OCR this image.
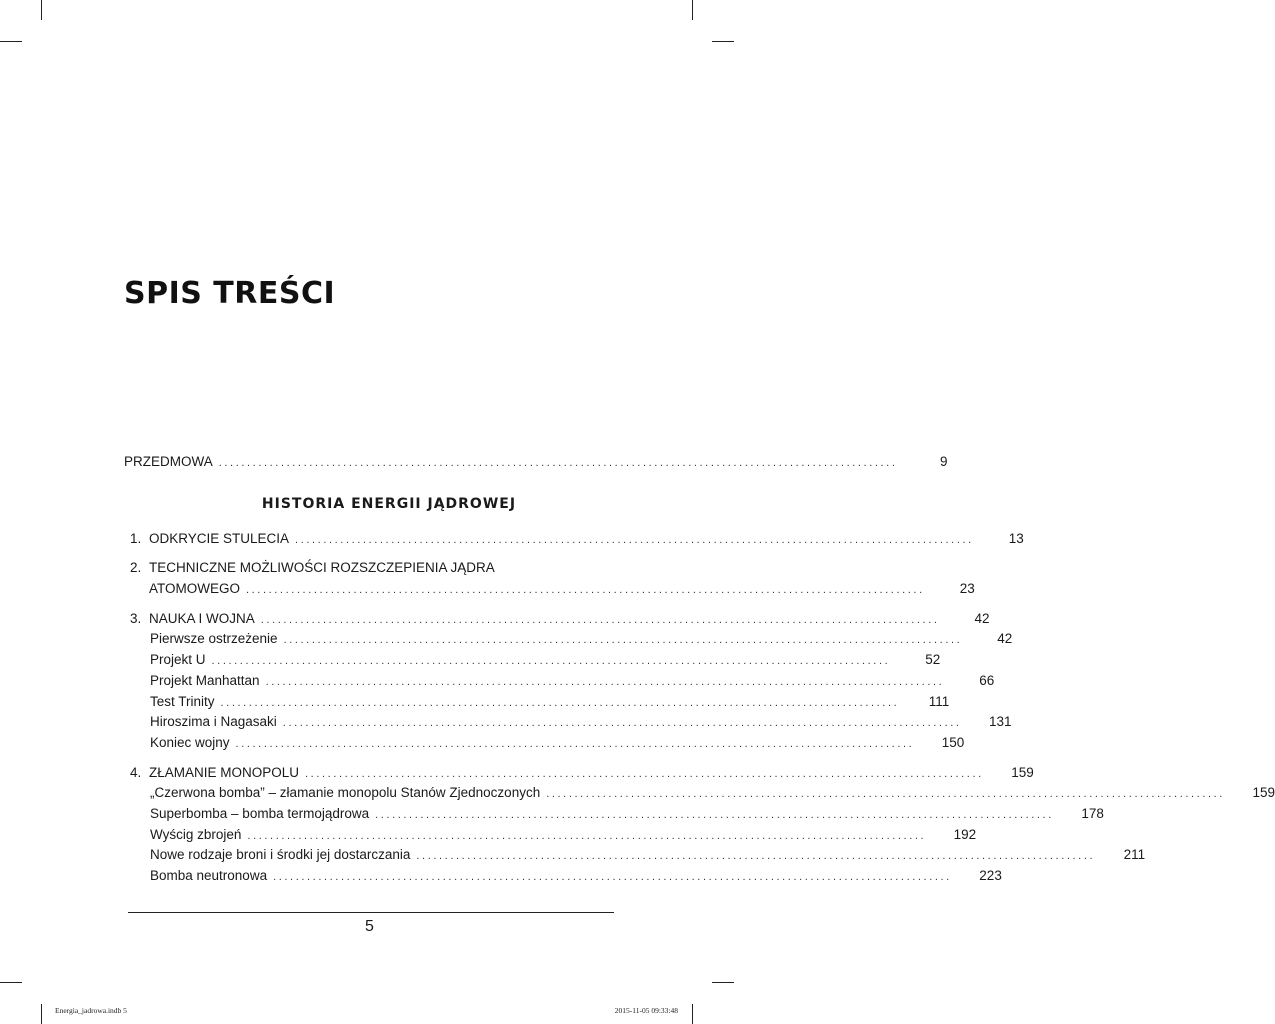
SPIS TREŚCI
PRZEDMOWA ........................................................................................................................	9
HISTORIA ENERGII JĄDROWEJ
1. ODKRYCIE STULECIA ........................................................................................................................	13
2. TECHNICZNE MOŻLIWOŚCI ROZSZCZEPIENIA JĄDRA
ATOMOWEGO ........................................................................................................................	23
3. NAUKA I WOJNA ........................................................................................................................	42
Pierwsze ostrzeżenie ........................................................................................................................	42
Projekt U ........................................................................................................................	52
Projekt Manhattan ........................................................................................................................	66
Test Trinity ........................................................................................................................	111
Hiroszima i Nagasaki ........................................................................................................................	131
Koniec wojny ........................................................................................................................	150
4. ZŁAMANIE MONOPOLU ........................................................................................................................	159
„Czerwona bomba” – złamanie monopolu Stanów Zjednoczonych ........................................................................................................................	159
Superbomba – bomba termojądrowa ........................................................................................................................	178
Wyścig zbrojeń ........................................................................................................................	192
Nowe rodzaje broni i środki jej dostarczania ........................................................................................................................	211
Bomba neutronowa ........................................................................................................................	223
5
Energia_jadrowa.indb 5	2015-11-05 09:33:48
